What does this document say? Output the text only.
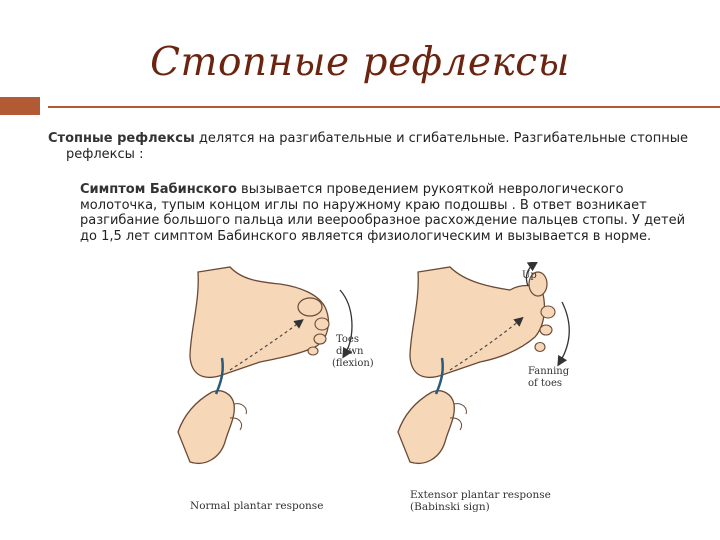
Стопные рефлексы
Стопные рефлексы делятся на разгибательные и сгибательные. Разгибательные стопные
рефлексы :
Симптом Бабинского вызывается проведением рукояткой неврологического молоточка, тупым концом иглы по наружному краю подошвы . В ответ возникает разгибание большого пальца или веерообразное расхождение пальцев стопы. У детей до 1,5 лет симптом Бабинского является физиологическим и вызывается в норме.
Toes
down
(flexion)
Normal plantar response
Up
Fanning
of toes
Extensor plantar response
(Babinski sign)
